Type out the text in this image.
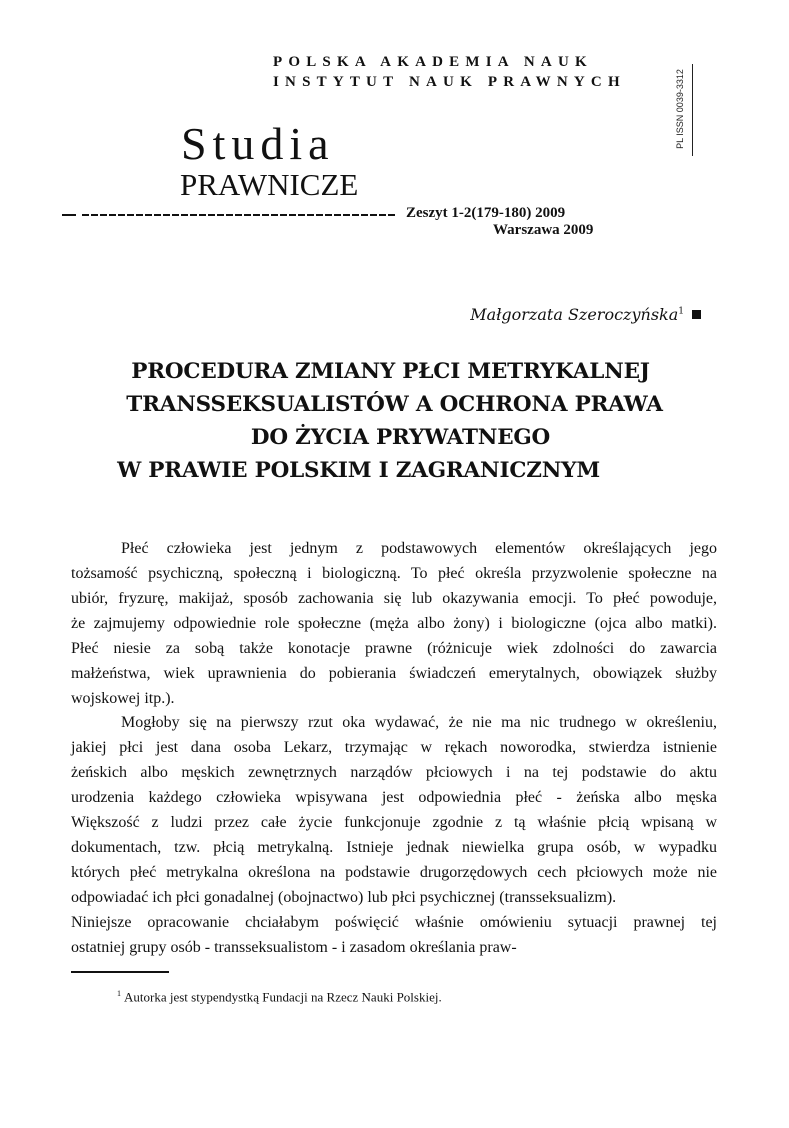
POLSKA AKADEMIA NAUK
INSTYTUT NAUK PRAWNYCH
Studia
PRAWNICZE
Zeszyt 1-2(179-180) 2009
Warszawa 2009
PL ISSN 0039-3312
Małgorzata Szeroczyńska$^1$
PROCEDURA ZMIANY PŁCI METRYKALNEJ
TRANSSEKSUALISTÓW A OCHRONA PRAWA
DO ŻYCIA PRYWATNEGO
W PRAWIE POLSKIM I ZAGRANICZNYM
Płeć człowieka jest jednym z podstawowych elementów określających jego
tożsamość psychiczną, społeczną i biologiczną. To płeć określa przyzwolenie społeczne na
ubiór, fryzurę, makijaż, sposób zachowania się lub okazywania emocji. To płeć powoduje,
że zajmujemy odpowiednie role społeczne (męża albo żony) i biologiczne (ojca albo matki).
Płeć niesie za sobą także konotacje prawne (różnicuje wiek zdolności do zawarcia
małżeństwa, wiek uprawnienia do pobierania świadczeń emerytalnych, obowiązek służby
wojskowej itp.).
Mogłoby się na pierwszy rzut oka wydawać, że nie ma nic trudnego w określeniu,
jakiej płci jest dana osoba Lekarz, trzymając w rękach noworodka, stwierdza istnienie
żeńskich albo męskich zewnętrznych narządów płciowych i na tej podstawie do aktu
urodzenia każdego człowieka wpisywana jest odpowiednia płeć - żeńska albo męska
Większość z ludzi przez całe życie funkcjonuje zgodnie z tą właśnie płcią wpisaną w
dokumentach, tzw. płcią metrykalną. Istnieje jednak niewielka grupa osób, w wypadku
których płeć metrykalna określona na podstawie drugorzędowych cech płciowych może nie
odpowiadać ich płci gonadalnej (obojnactwo) lub płci psychicznej (transseksualizm).
Niniejsze opracowanie chciałabym poświęcić właśnie omówieniu sytuacji prawnej tej
ostatniej grupy osób - transseksualistom - i zasadom określania praw-
$^1$ Autorka jest stypendystką Fundacji na Rzecz Nauki Polskiej.
